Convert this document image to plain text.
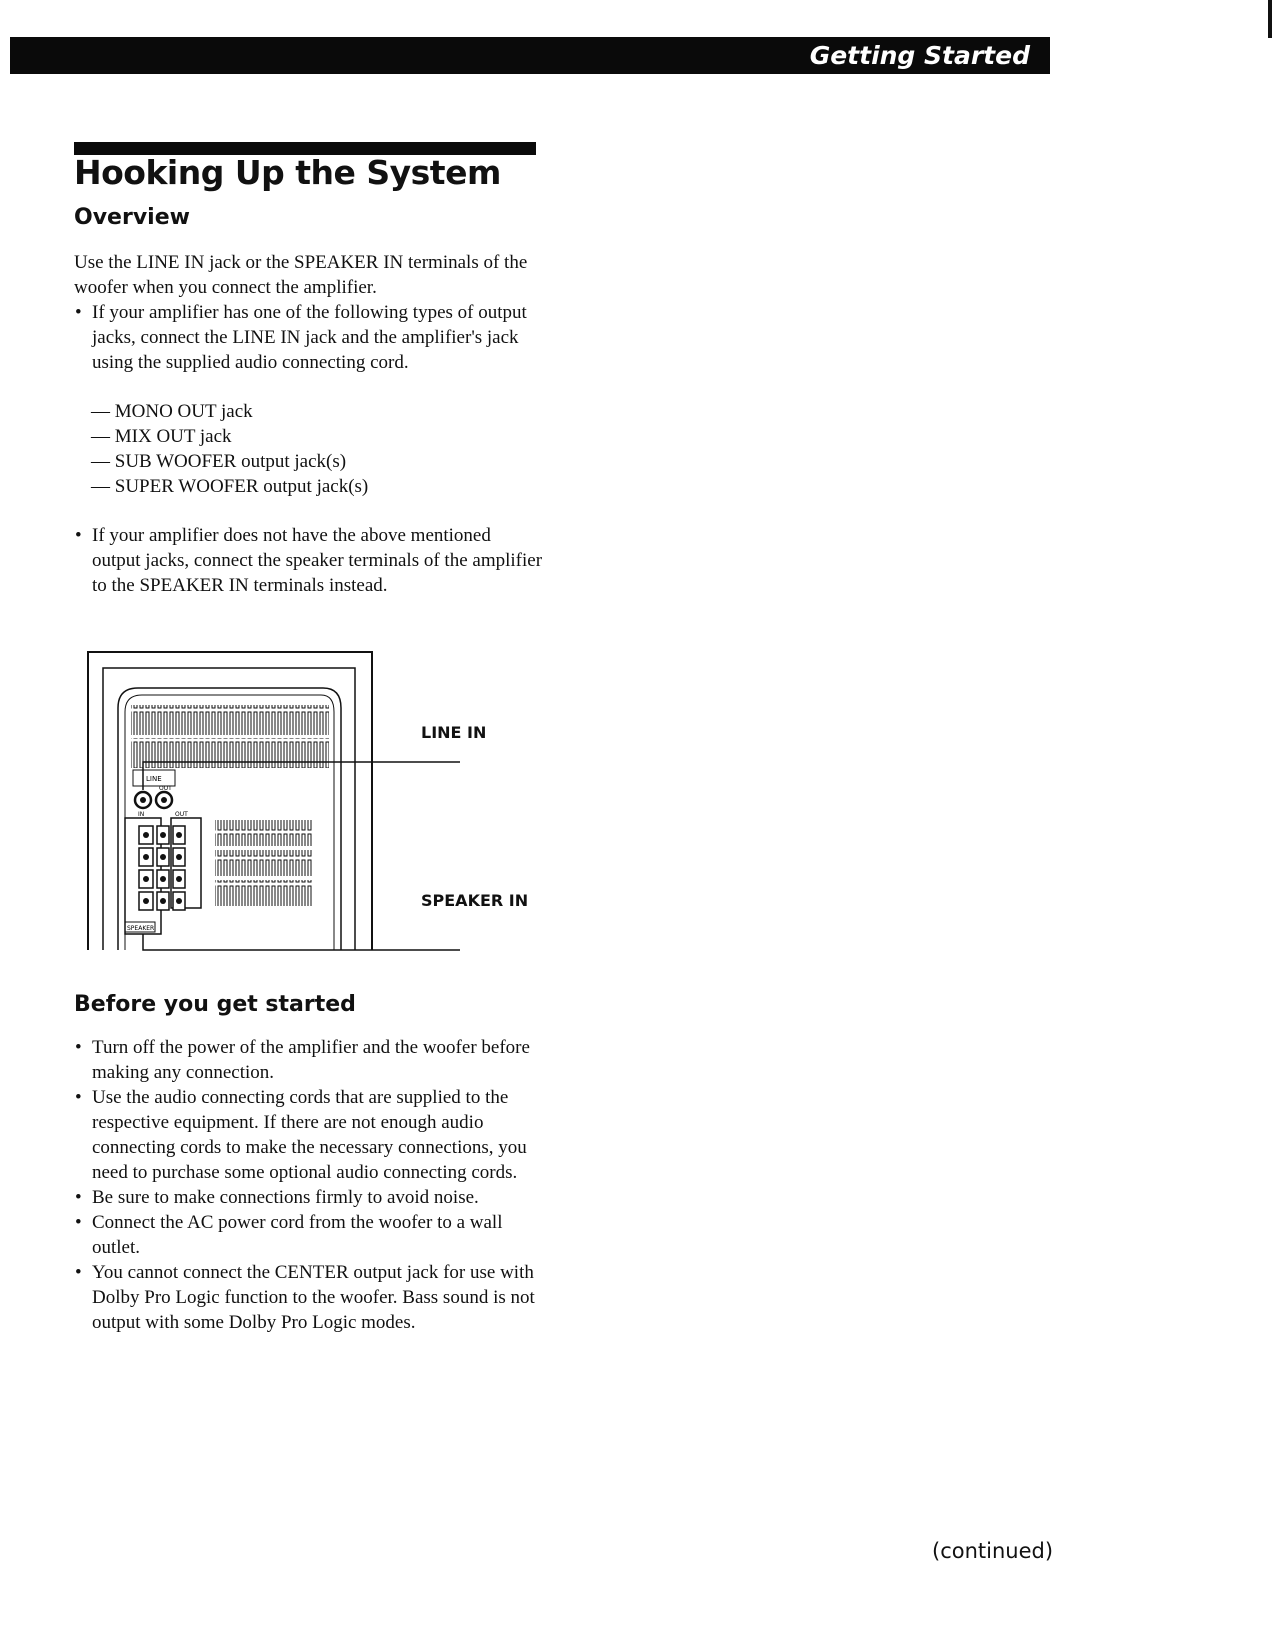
Getting Started
Hooking Up the System
Overview

Use the LINE IN jack or the SPEAKER IN terminals of the woofer when you connect the amplifier.

• If your amplifier has one of the following types of output jacks, connect the LINE IN jack and the amplifier's jack using the supplied audio connecting cord.
— MONO OUT jack
— MIX OUT jack
— SUB WOOFER output jack(s)
— SUPER WOOFER output jack(s)
• If your amplifier does not have the above mentioned output jacks, connect the speaker terminals of the amplifier to the SPEAKER IN terminals instead.
LINE
OUT
IN	OUT
SPEAKER
LINE IN
SPEAKER IN
Before you get started
• Turn off the power of the amplifier and the woofer before making any connection.
• Use the audio connecting cords that are supplied to the respective equipment. If there are not enough audio connecting cords to make the necessary connections, you need to purchase some optional audio connecting cords.
• Be sure to make connections firmly to avoid noise.
• Connect the AC power cord from the woofer to a wall outlet.
• You cannot connect the CENTER output jack for use with Dolby Pro Logic function to the woofer. Bass sound is not output with some Dolby Pro Logic modes.
(continued)
